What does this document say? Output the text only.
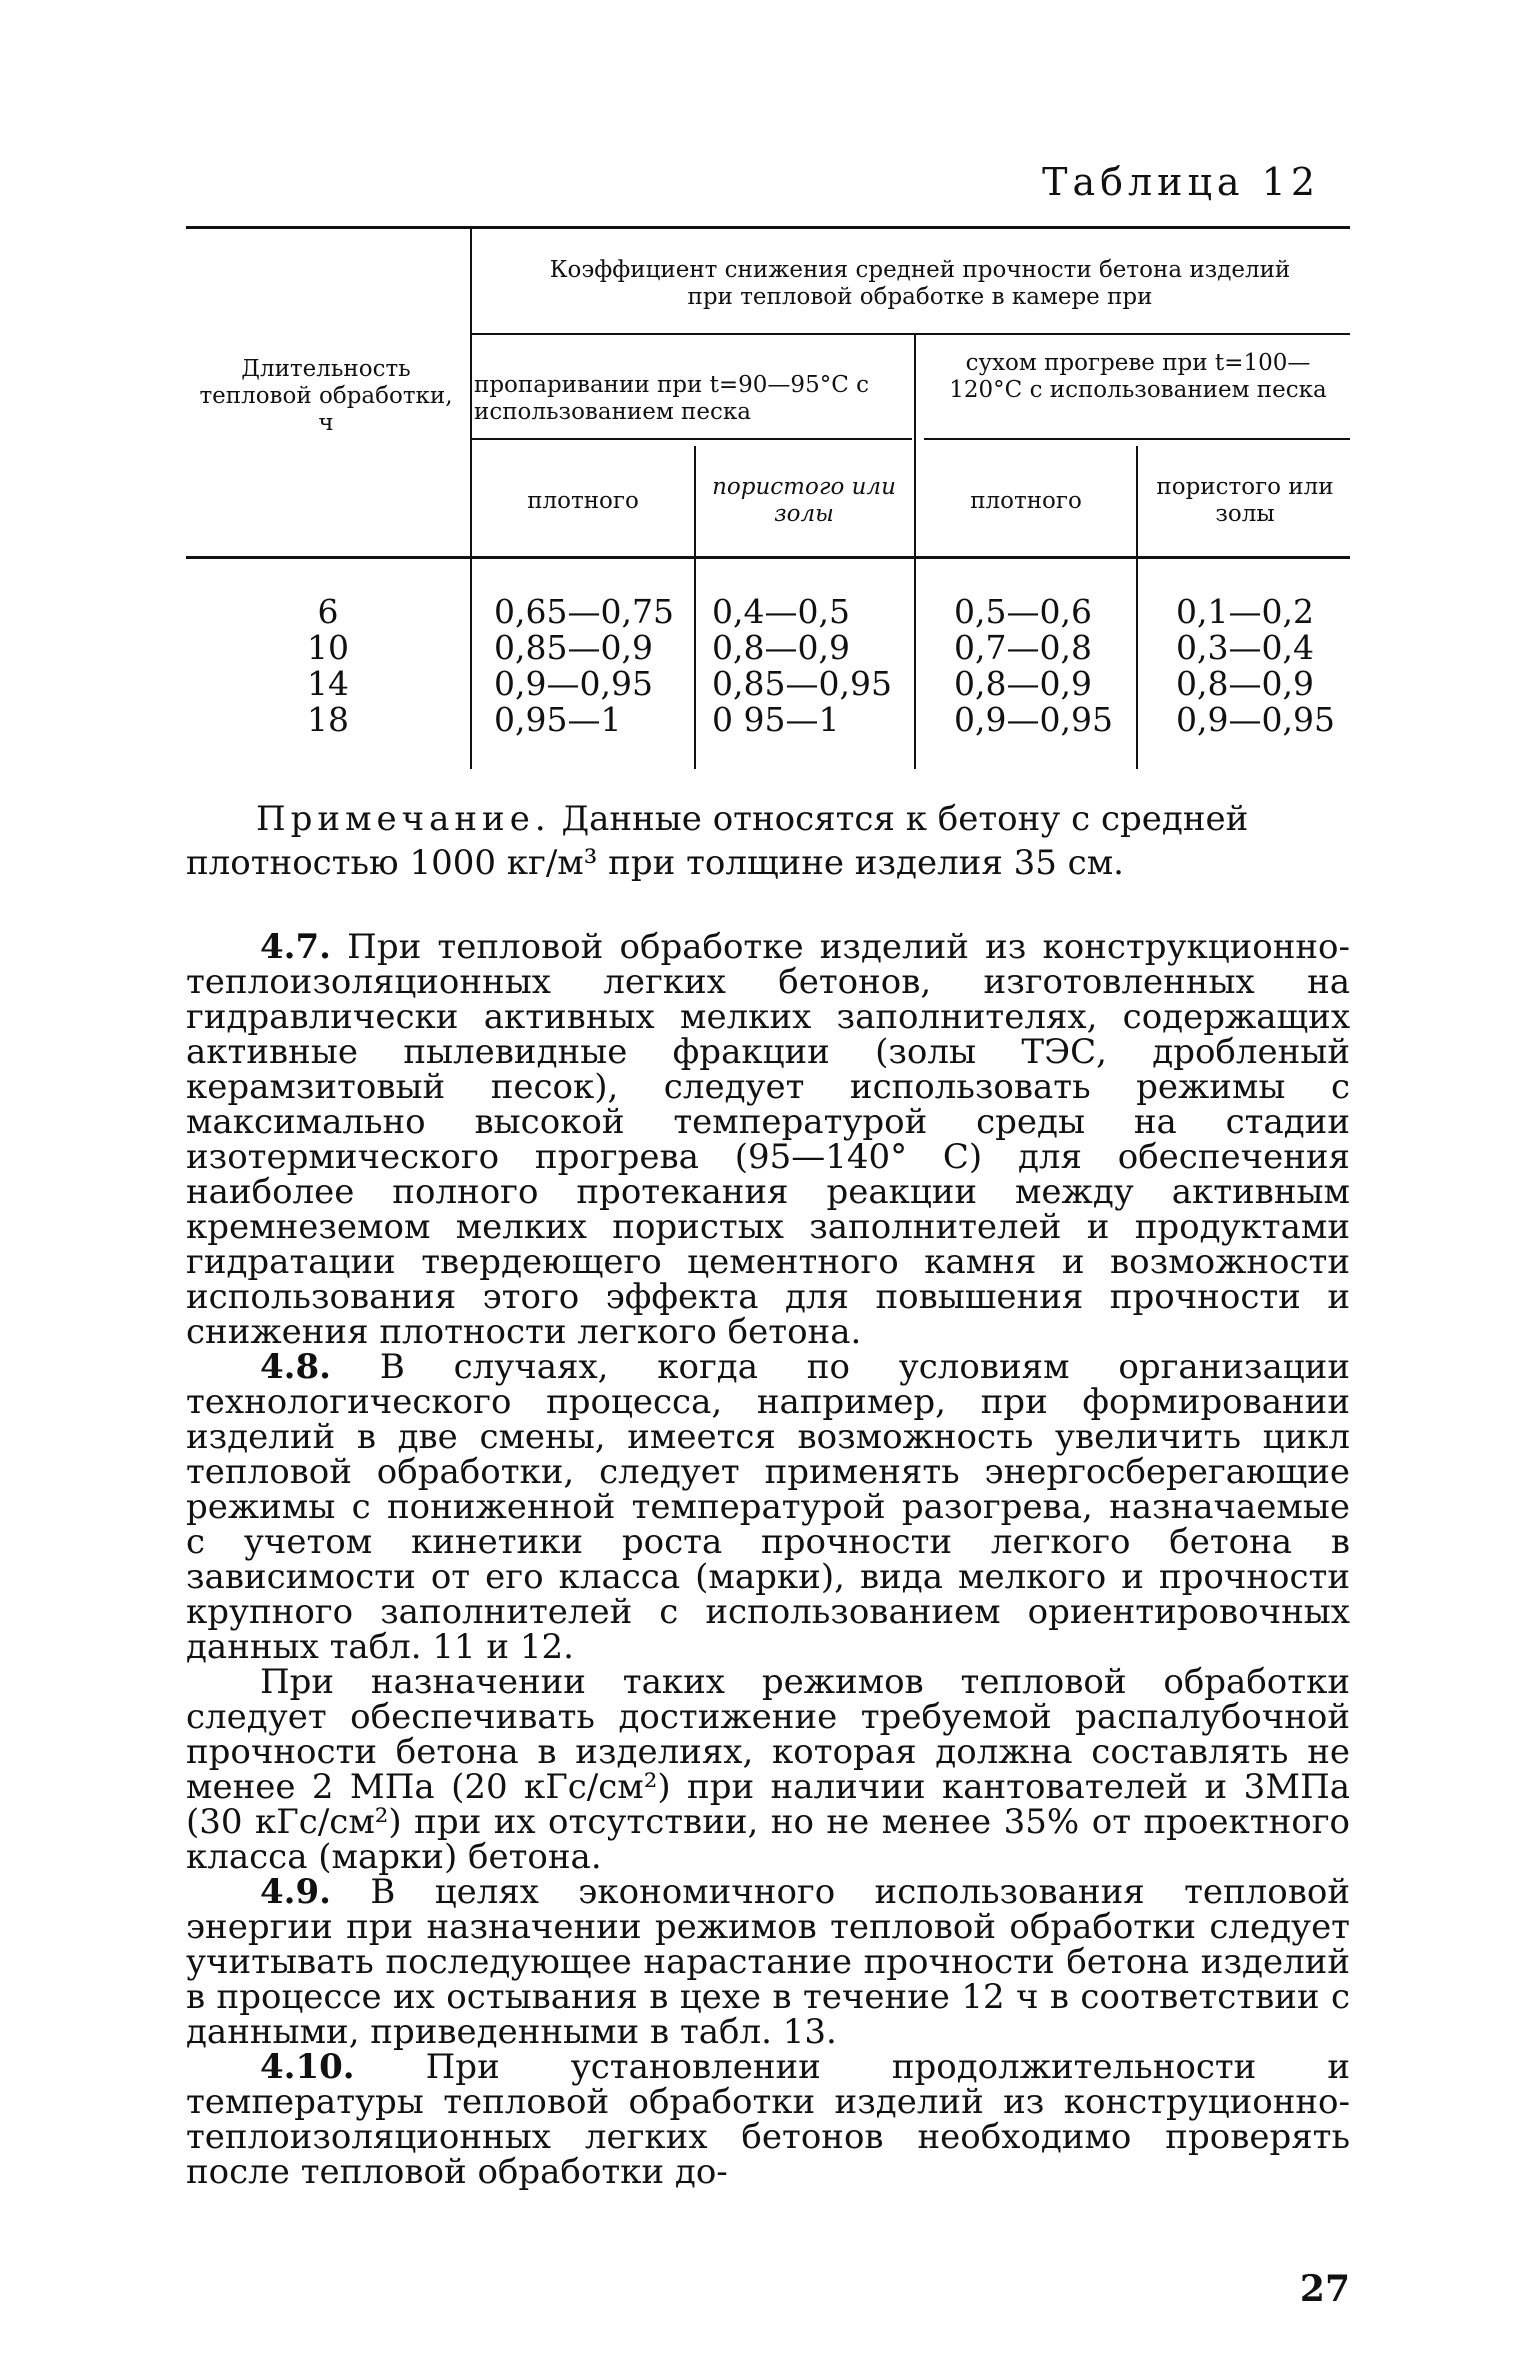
Таблица 12
Длительность тепловой обработки, ч
Коэффициент снижения средней прочности бетона изделий при тепловой обработке в камере при
пропаривании при t=90—95°С с использованием песка
сухом прогреве при t=100—120°С с использованием песка
плотного
пористого или золы	плотного
пористого или золы
6
10
14
18
0,65—0,75
0,85—0,9
0,9—0,95
0,95—1
0,4—0,5
0,8—0,9
0,85—0,95
0 95—1
0,5—0,6
0,7—0,8
0,8—0,9
0,9—0,95
0,1—0,2
0,3—0,4
0,8—0,9
0,9—0,95
Примечание. Данные относятся к бетону с средней плотностью 1000 кг/м³ при толщине изделия 35 см.

4.7. При тепловой обработке изделий из конструкционно-теплоизоляционных легких бетонов, изготовленных на гидравлически активных мелких заполнителях, содержащих активные пылевидные фракции (золы ТЭС, дробленый керамзитовый песок), следует использовать режимы с максимально высокой температурой среды на стадии изотермического прогрева (95—140° С) для обеспечения наиболее полного протекания реакции между активным кремнеземом мелких пористых заполнителей и продуктами гидратации твердеющего цементного камня и возможности использования этого эффекта для повышения прочности и снижения плотности легкого бетона.

4.8. В случаях, когда по условиям организации технологического процесса, например, при формировании изделий в две смены, имеется возможность увеличить цикл тепловой обработки, следует применять энергосберегающие режимы с пониженной температурой разогрева, назначаемые с учетом кинетики роста прочности легкого бетона в зависимости от его класса (марки), вида мелкого и прочности крупного заполнителей с использованием ориентировочных данных табл. 11 и 12.

При назначении таких режимов тепловой обработки следует обеспечивать достижение требуемой распалубочной прочности бетона в изделиях, которая должна составлять не менее 2 МПа (20 кГс/см²) при наличии кантователей и 3МПа (30 кГс/см²) при их отсутствии, но не менее 35% от проектного класса (марки) бетона.

4.9. В целях экономичного использования тепловой энергии при назначении режимов тепловой обработки следует учитывать последующее нарастание прочности бетона изделий в процессе их остывания в цехе в течение 12 ч в соответствии с данными, приведенными в табл. 13.

4.10. При установлении продолжительности и температуры тепловой обработки изделий из конструционно-теплоизоляционных легких бетонов необходимо проверять после тепловой обработки до-

27
